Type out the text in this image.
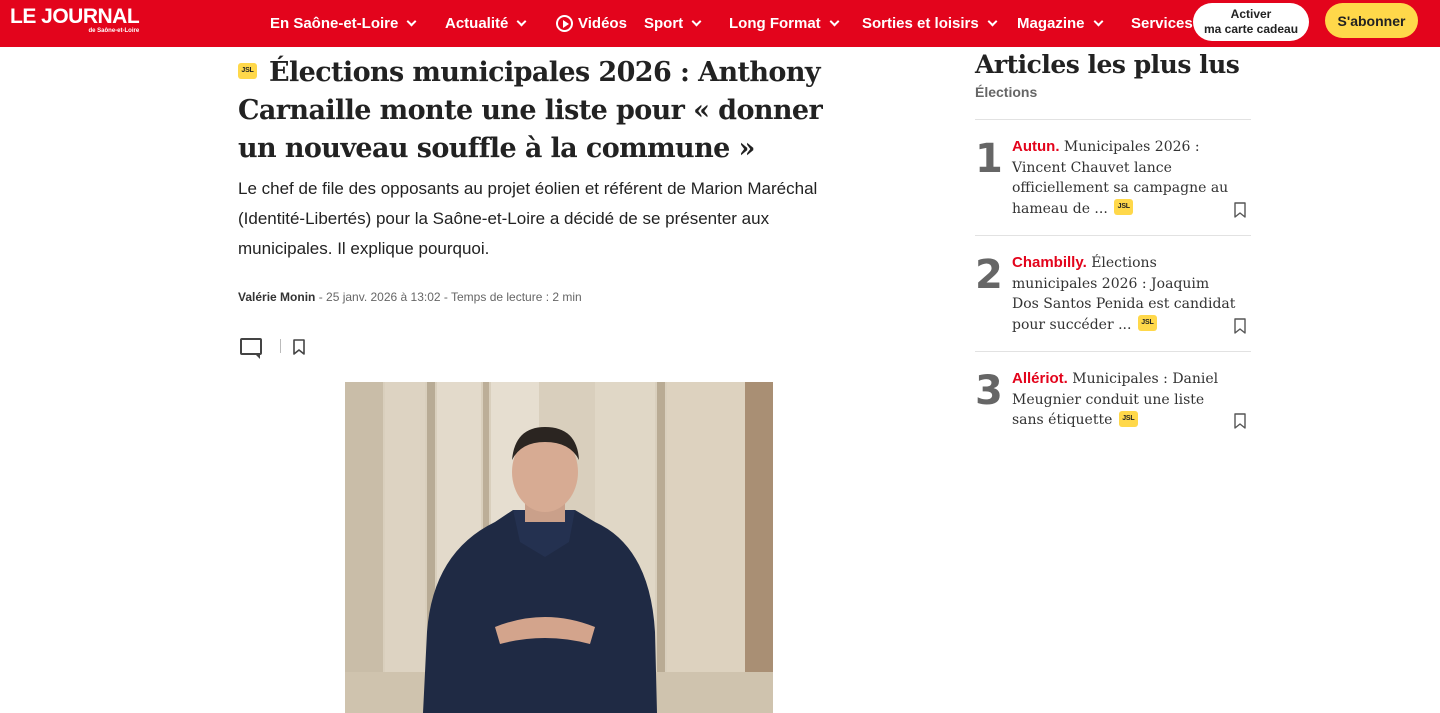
LE JOURNAL
de Saône-et-Loire	En Saône-et-Loire	Actualité	Vidéos Sport	Long Format	Sorties et loisirs	Magazine	Services
Activer
ma carte cadeau
S'abonner
JSL Élections municipales 2026 : Anthony Carnaille monte une liste pour « donner un nouveau souffle à la commune »

Le chef de file des opposants au projet éolien et référent de Marion Maréchal (Identité-Libertés) pour la Saône-et-Loire a décidé de se présenter aux municipales. Il explique pourquoi.

Valérie Monin - 25 janv. 2026 à 13:02 - Temps de lecture : 2 min
Articles les plus lus
Élections
1 Autun. Municipales 2026 : Vincent Chauvet lance officiellement sa campagne au hameau de ... JSL
2 Chambilly. Élections municipales 2026 : Joaquim Dos Santos Penida est candidat pour succéder ... JSL
3 Allériot. Municipales : Daniel Meugnier conduit une liste sans étiquette JSL
